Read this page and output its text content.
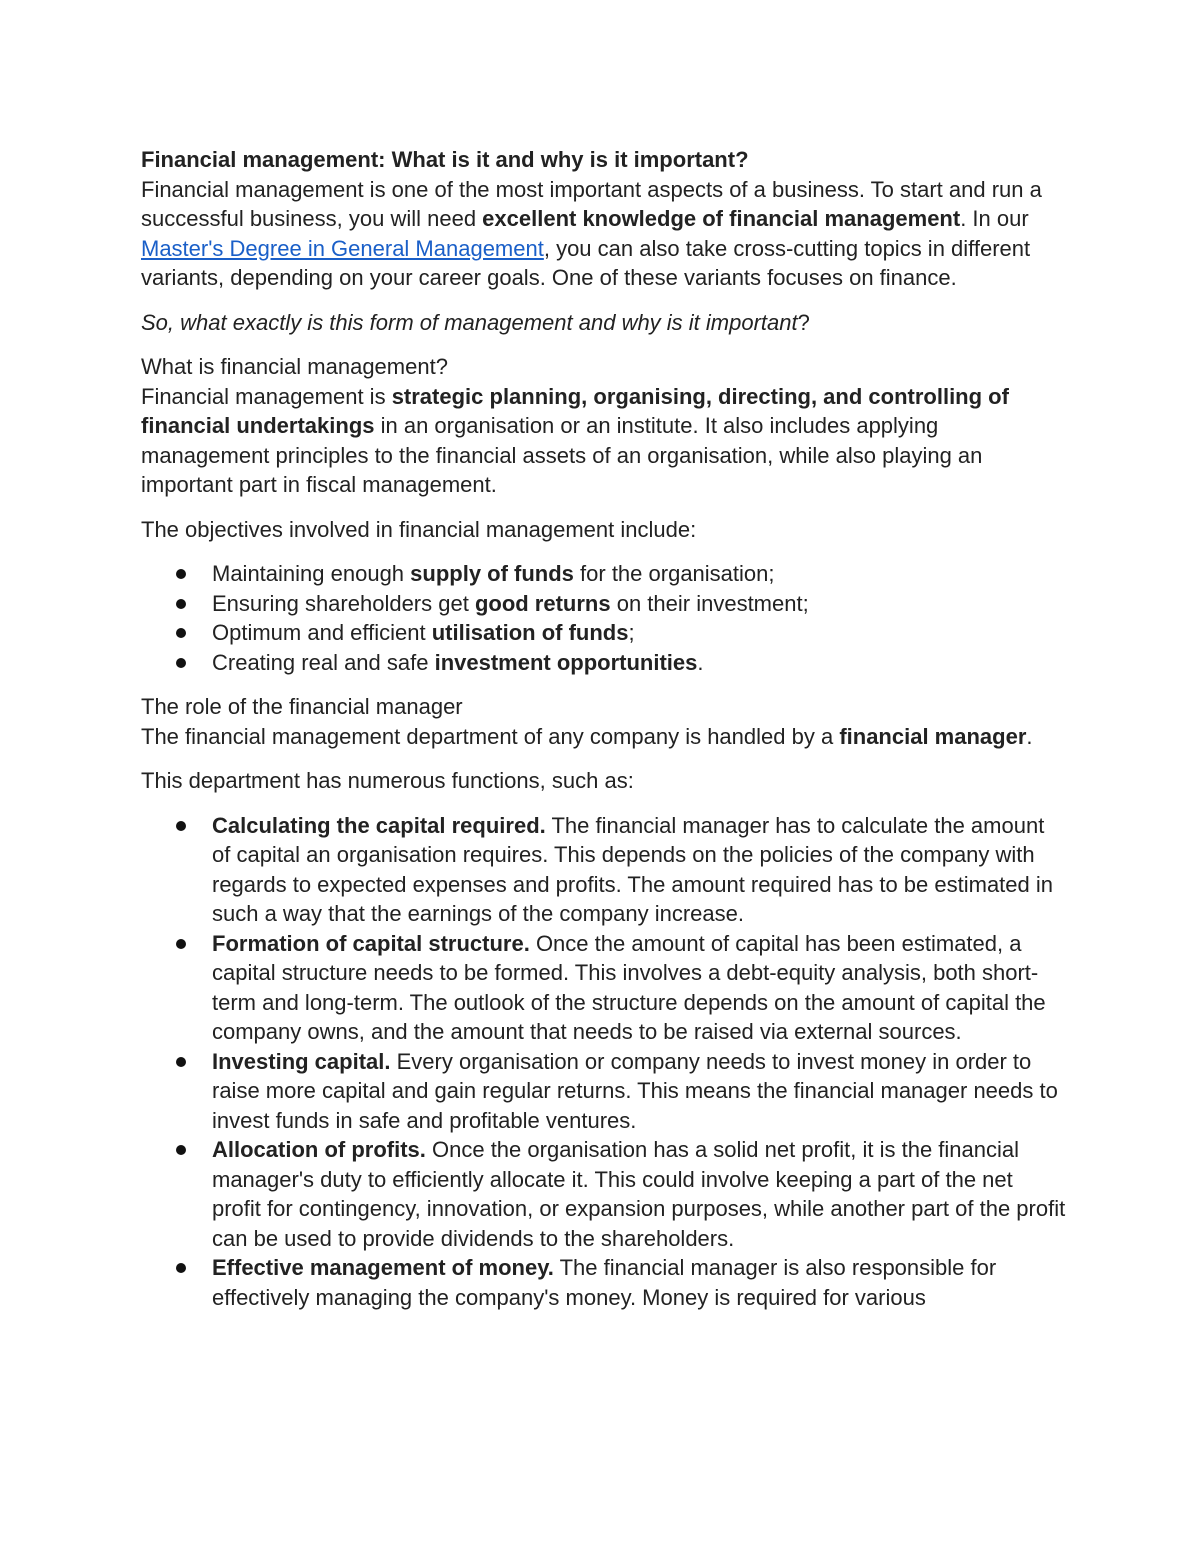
Financial management: What is it and why is it important?

Financial management is one of the most important aspects of a business. To start and run a successful business, you will need excellent knowledge of financial management. In our Master's Degree in General Management, you can also take cross-cutting topics in different variants, depending on your career goals. One of these variants focuses on finance.

So, what exactly is this form of management and why is it important?

What is financial management?

Financial management is strategic planning, organising, directing, and controlling of financial undertakings in an organisation or an institute. It also includes applying management principles to the financial assets of an organisation, while also playing an important part in fiscal management.

The objectives involved in financial management include:

Maintaining enough supply of funds for the organisation;
Ensuring shareholders get good returns on their investment;
Optimum and efficient utilisation of funds;
Creating real and safe investment opportunities.

The role of the financial manager

The financial management department of any company is handled by a financial manager.

This department has numerous functions, such as:

Calculating the capital required. The financial manager has to calculate the amount of capital an organisation requires. This depends on the policies of the company with regards to expected expenses and profits. The amount required has to be estimated in such a way that the earnings of the company increase.
Formation of capital structure. Once the amount of capital has been estimated, a capital structure needs to be formed. This involves a debt-equity analysis, both short-term and long-term. The outlook of the structure depends on the amount of capital the company owns, and the amount that needs to be raised via external sources.
Investing capital. Every organisation or company needs to invest money in order to raise more capital and gain regular returns. This means the financial manager needs to invest funds in safe and profitable ventures.
Allocation of profits. Once the organisation has a solid net profit, it is the financial manager's duty to efficiently allocate it. This could involve keeping a part of the net profit for contingency, innovation, or expansion purposes, while another part of the profit can be used to provide dividends to the shareholders.
Effective management of money. The financial manager is also responsible for effectively managing the company's money. Money is required for various
